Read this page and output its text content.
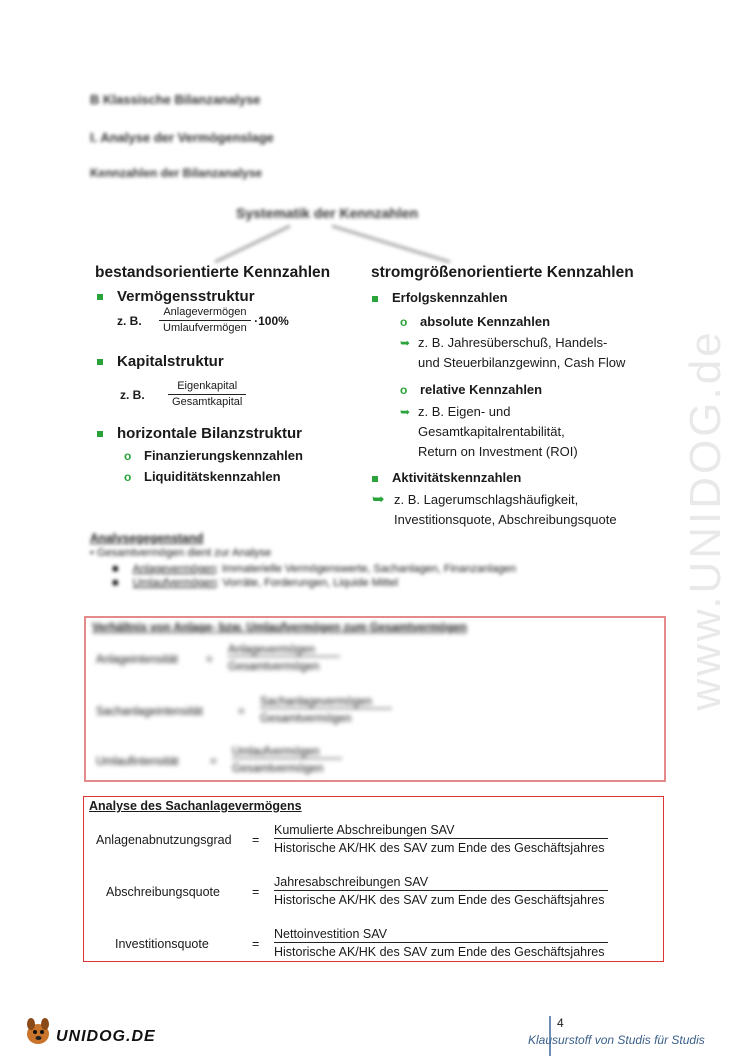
www.UNIDOG.de
B Klassische Bilanzanalyse
I. Analyse der Vermögenslage
Kennzahlen der Bilanzanalyse
Systematik der Kennzahlen
bestandsorientierte Kennzahlen
Vermögensstruktur
z. B. $\frac{\text{Anlagevermögen}}{\text{Umlaufvermögen}} \cdot 100\%$
Kapitalstruktur
z. B. $\frac{\text{Eigenkapital}}{\text{Gesamtkapital}}$
horizontale Bilanzstruktur
o Finanzierungskennzahlen
o Liquiditätskennzahlen
stromgrößenorientierte Kennzahlen
Erfolgskennzahlen
o absolute Kennzahlen
➥ z. B. Jahresüberschuß, Handels-
und Steuerbilanzgewinn, Cash Flow
o relative Kennzahlen
➥ z. B. Eigen- und
Gesamtkapitalrentabilität,
Return on Investment (ROI)
Aktivitätskennzahlen
➥ z. B. Lagerumschlagshäufigkeit,
Investitionsquote, Abschreibungsquote
Analysegegenstand
• Gesamtvermögen dient zur Analyse
■ Anlagevermögen: Immaterielle Vermögenswerte, Sachanlagen, Finanzanlagen
■ Umlaufvermögen: Vorräte, Forderungen, Liquide Mittel
Verhältnis von Anlage- bzw. Umlaufvermögen zum Gesamtvermögen
Anlageintensität =
Anlagevermögen
Gesamtvermögen
Sachanlageintensität	=
Sachanlagevermögen
Gesamtvermögen
Umlaufintensität	=
Umlaufvermögen
Gesamtvermögen
Analyse des Sachanlagevermögens
Anlagenabnutzungsgrad =
Kumulierte Abschreibungen SAV
Historische AK/HK des SAV zum Ende des Geschäftsjahres
Abschreibungsquote	=
Jahresabschreibungen SAV
Historische AK/HK des SAV zum Ende des Geschäftsjahres
Investitionsquote	=
Nettoinvestition SAV
Historische AK/HK des SAV zum Ende des Geschäftsjahres
UNIDOG.DE
4
Klausurstoff von Studis für Studis
